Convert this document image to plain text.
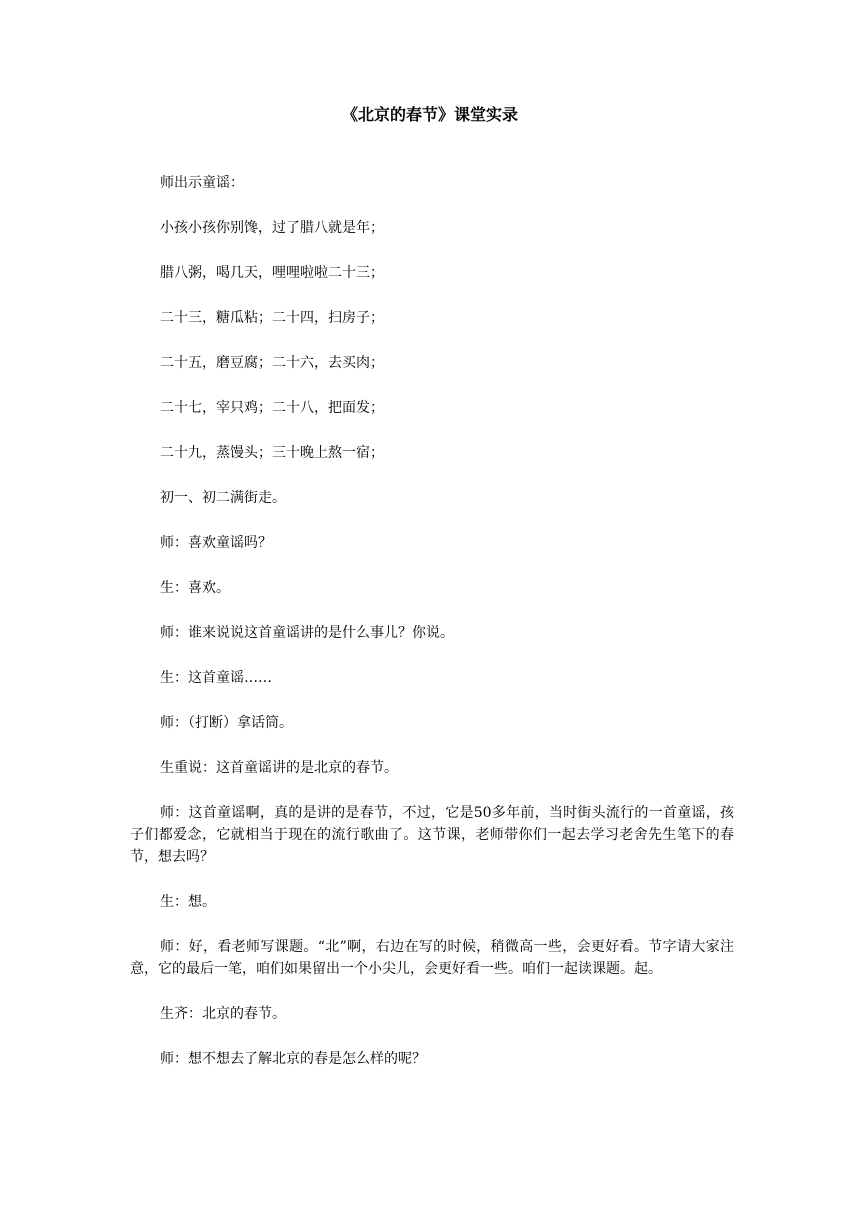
《北京的春节》课堂实录

师出示童谣：

小孩小孩你别馋，过了腊八就是年；

腊八粥，喝几天，哩哩啦啦二十三；

二十三，糖瓜粘；二十四，扫房子；

二十五，磨豆腐；二十六，去买肉；

二十七，宰只鸡；二十八，把面发；

二十九，蒸馒头；三十晚上熬一宿；

初一、初二满街走。

师：喜欢童谣吗？

生：喜欢。

师：谁来说说这首童谣讲的是什么事儿？你说。

生：这首童谣……

师：（打断）拿话筒。

生重说：这首童谣讲的是北京的春节。

师：这首童谣啊，真的是讲的是春节，不过，它是50多年前，当时街头流行的一首童谣，孩子们都爱念，它就相当于现在的流行歌曲了。这节课，老师带你们一起去学习老舍先生笔下的春节，想去吗？

生：想。

师：好，看老师写课题。“北”啊，右边在写的时候，稍微高一些，会更好看。节字请大家注意，它的最后一笔，咱们如果留出一个小尖儿，会更好看一些。咱们一起读课题。起。

生齐：北京的春节。

师：想不想去了解北京的春是怎么样的呢？
